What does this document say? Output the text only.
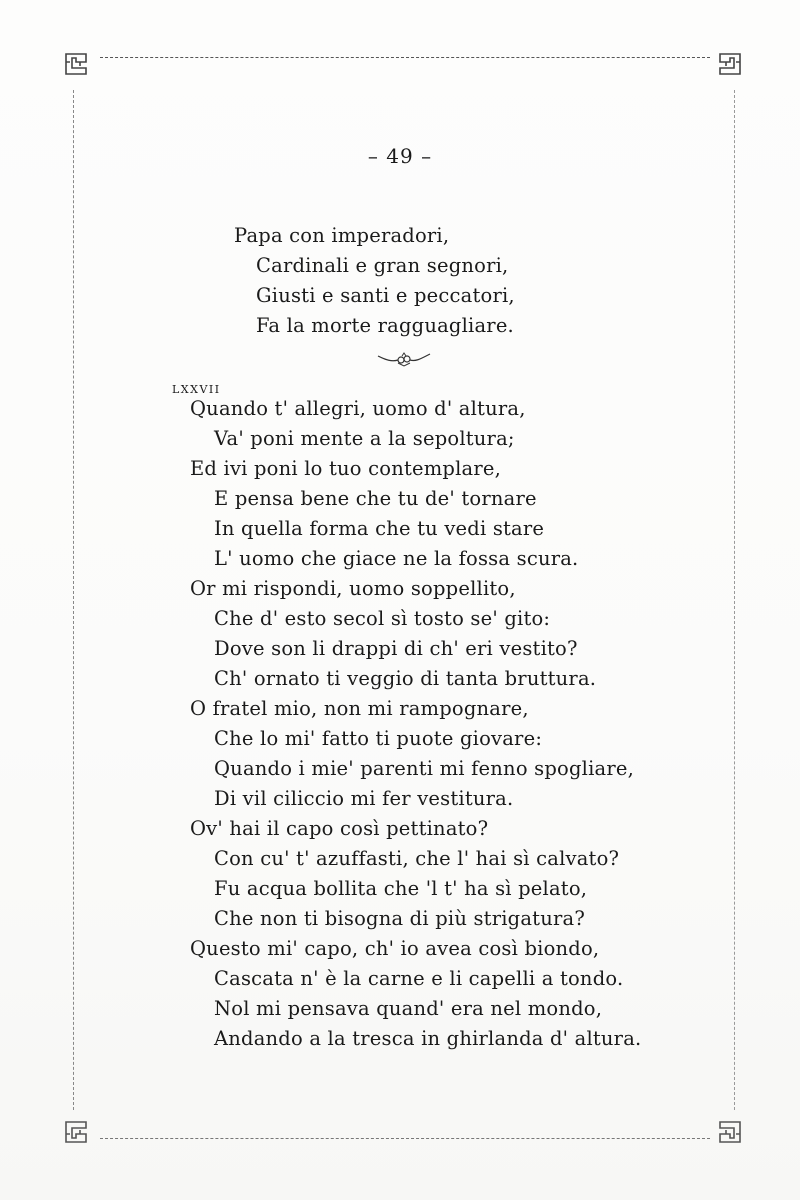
– 49 –
Papa con imperadori,
Cardinali e gran segnori,
Giusti e santi e peccatori,
Fa la morte ragguagliare.
LXXVII
Quando t' allegri, uomo d' altura,
Va' poni mente a la sepoltura;
Ed ivi poni lo tuo contemplare,
E pensa bene che tu de' tornare
In quella forma che tu vedi stare
L' uomo che giace ne la fossa scura.
Or mi rispondi, uomo soppellito,
Che d' esto secol sì tosto se' gito:
Dove son li drappi di ch' eri vestito?
Ch' ornato ti veggio di tanta bruttura.
O fratel mio, non mi rampognare,
Che lo mi' fatto ti puote giovare:
Quando i mie' parenti mi fenno spogliare,
Di vil ciliccio mi fer vestitura.
Ov' hai il capo così pettinato?
Con cu' t' azuffasti, che l' hai sì calvato?
Fu acqua bollita che 'l t' ha sì pelato,
Che non ti bisogna di più strigatura?
Questo mi' capo, ch' io avea così biondo,
Cascata n' è la carne e li capelli a tondo.
Nol mi pensava quand' era nel mondo,
Andando a la tresca in ghirlanda d' altura.
